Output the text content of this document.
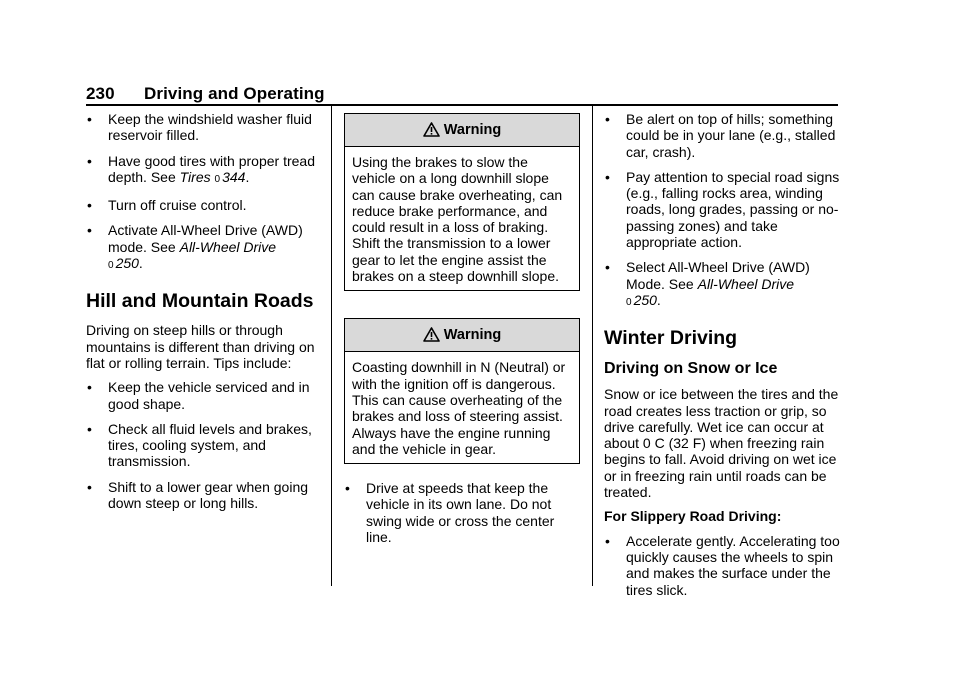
230 Driving and Operating
• Keep the windshield washer fluid reservoir filled.
• Have good tires with proper tread depth. See Tires 0 344.
• Turn off cruise control.
• Activate All-Wheel Drive (AWD) mode. See All-Wheel Drive
0 250.
Hill and Mountain Roads
Driving on steep hills or through mountains is different than driving on flat or rolling terrain. Tips include:
• Keep the vehicle serviced and in good shape.
• Check all fluid levels and brakes, tires, cooling system, and transmission.
• Shift to a lower gear when going down steep or long hills.
Warning
Using the brakes to slow the vehicle on a long downhill slope can cause brake overheating, can reduce brake performance, and could result in a loss of braking. Shift the transmission to a lower gear to let the engine assist the brakes on a steep downhill slope.
Warning
Coasting downhill in N (Neutral) or with the ignition off is dangerous. This can cause overheating of the brakes and loss of steering assist. Always have the engine running and the vehicle in gear.
• Drive at speeds that keep the vehicle in its own lane. Do not swing wide or cross the center line.
• Be alert on top of hills; something could be in your lane (e.g., stalled car, crash).
• Pay attention to special road signs (e.g., falling rocks area, winding roads, long grades, passing or no-passing zones) and take appropriate action.
• Select All-Wheel Drive (AWD) Mode. See All-Wheel Drive
0 250.
Winter Driving
Driving on Snow or Ice
Snow or ice between the tires and the road creates less traction or grip, so drive carefully. Wet ice can occur at about 0 C (32 F) when freezing rain begins to fall. Avoid driving on wet ice or in freezing rain until roads can be treated.
For Slippery Road Driving:
• Accelerate gently. Accelerating too quickly causes the wheels to spin and makes the surface under the tires slick.
